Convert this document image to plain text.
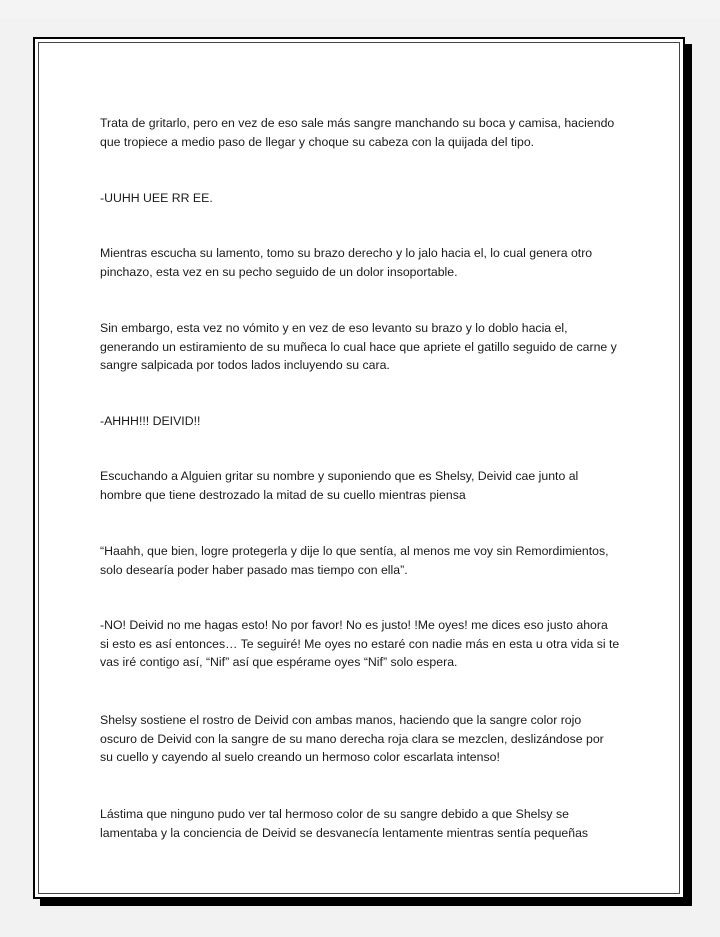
Trata de gritarlo, pero en vez de eso sale más sangre manchando su boca y camisa, haciendo que tropiece a medio paso de llegar y choque su cabeza con la quijada del tipo.

-UUHH UEE RR EE.

Mientras escucha su lamento, tomo su brazo derecho y lo jalo hacia el, lo cual genera otro pinchazo, esta vez en su pecho seguido de un dolor insoportable.

Sin embargo, esta vez no vómito y en vez de eso levanto su brazo y lo doblo hacia el, generando un estiramiento de su muñeca lo cual hace que apriete el gatillo seguido de carne y sangre salpicada por todos lados incluyendo su cara.

-AHHH!!! DEIVID!!

Escuchando a Alguien gritar su nombre y suponiendo que es Shelsy, Deivid cae junto al hombre que tiene destrozado la mitad de su cuello mientras piensa

“Haahh, que bien, logre protegerla y dije lo que sentía, al menos me voy sin Remordimientos, solo desearía poder haber pasado mas tiempo con ella”.

-NO! Deivid no me hagas esto! No por favor! No es justo! !Me oyes! me dices eso justo ahora si esto es así entonces… Te seguiré! Me oyes no estaré con nadie más en esta u otra vida si te vas iré contigo así, “Nif” así que espérame oyes “Nif” solo espera.

Shelsy sostiene el rostro de Deivid con ambas manos, haciendo que la sangre color rojo oscuro de Deivid con la sangre de su mano derecha roja clara se mezclen, deslizándose por su cuello y cayendo al suelo creando un hermoso color escarlata intenso!

Lástima que ninguno pudo ver tal hermoso color de su sangre debido a que Shelsy se lamentaba y la conciencia de Deivid se desvanecía lentamente mientras sentía pequeñas
